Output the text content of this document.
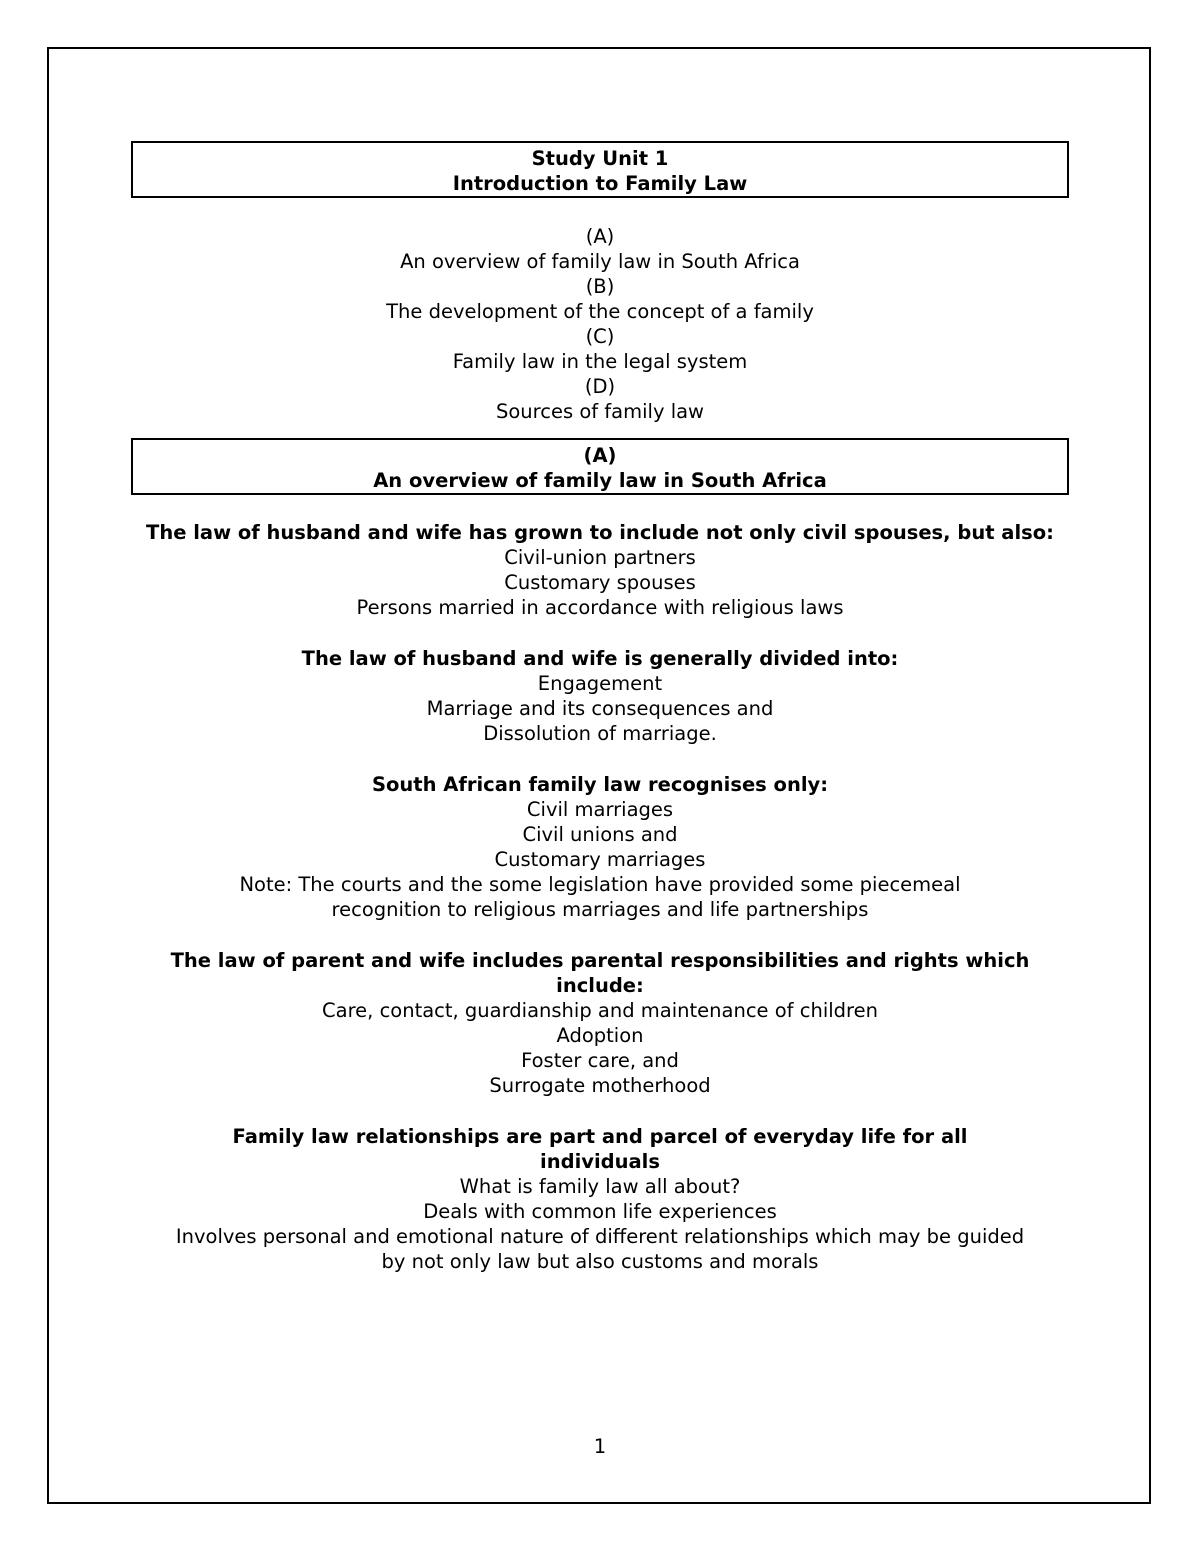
Study Unit 1
Introduction to Family Law
(A)
An overview of family law in South Africa
(B)
The development of the concept of a family
(C)
Family law in the legal system
(D)
Sources of family law
(A)
An overview of family law in South Africa
The law of husband and wife has grown to include not only civil spouses, but also:
Civil-union partners
Customary spouses
Persons married in accordance with religious laws
The law of husband and wife is generally divided into:
Engagement
Marriage and its consequences and
Dissolution of marriage.
South African family law recognises only:
Civil marriages
Civil unions and
Customary marriages
Note: The courts and the some legislation have provided some piecemeal recognition to religious marriages and life partnerships
The law of parent and wife includes parental responsibilities and rights which include:
Care, contact, guardianship and maintenance of children
Adoption
Foster care, and
Surrogate motherhood
Family law relationships are part and parcel of everyday life for all individuals
What is family law all about?
Deals with common life experiences
Involves personal and emotional nature of different relationships which may be guided by not only law but also customs and morals
1
